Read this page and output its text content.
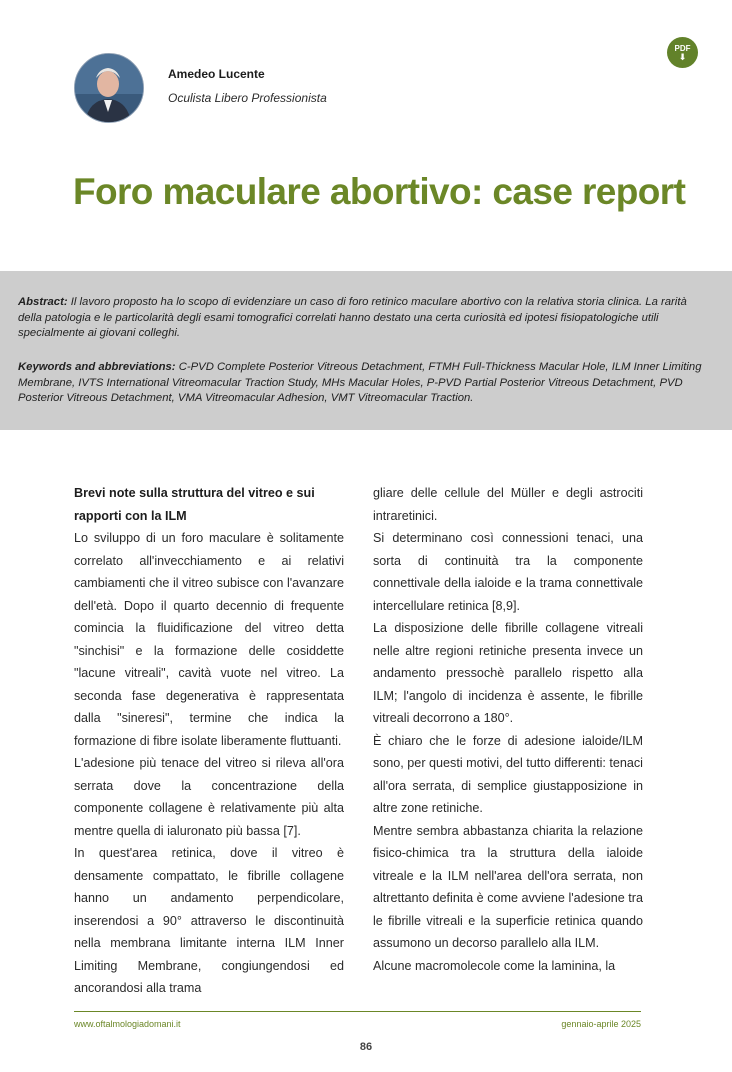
Amedeo Lucente
Oculista Libero Professionista
PDF
⬇
Foro maculare abortivo: case report

Abstract: Il lavoro proposto ha lo scopo di evidenziare un caso di foro retinico maculare abortivo con la relativa storia clinica. La rarità della patologia e le particolarità degli esami tomografici correlati hanno destato una certa curiosità ed ipotesi fisiopatologiche utili specialmente ai giovani colleghi.

Keywords and abbreviations: C-PVD Complete Posterior Vitreous Detachment, FTMH Full-Thickness Macular Hole, ILM Inner Limiting Membrane, IVTS International Vitreomacular Traction Study, MHs Macular Holes, P-PVD Partial Posterior Vitreous Detachment, PVD Posterior Vitreous Detachment, VMA Vitreomacular Adhesion, VMT Vitreomacular Traction.

Brevi note sulla struttura del vitreo e sui rapporti con la ILM

Lo sviluppo di un foro maculare è solitamente correlato all'invecchiamento e ai relativi cambiamenti che il vitreo subisce con l'avanzare dell'età. Dopo il quarto decennio di frequente comincia la fluidificazione del vitreo detta "sinchisi" e la formazione delle cosiddette "lacune vitreali", cavità vuote nel vitreo. La seconda fase degenerativa è rappresentata dalla "sineresi", termine che indica la formazione di fibre isolate liberamente fluttuanti.

L'adesione più tenace del vitreo si rileva all'ora serrata dove la concentrazione della componente collagene è relativamente più alta mentre quella di ialuronato più bassa [7].

In quest'area retinica, dove il vitreo è densamente compattato, le fibrille collagene hanno un andamento perpendicolare, inserendosi a 90° attraverso le discontinuità nella membrana limitante interna ILM Inner Limiting Membrane, congiungendosi ed ancorandosi alla trama

gliare delle cellule del Müller e degli astrociti intraretinici.

Si determinano così connessioni tenaci, una sorta di continuità tra la componente connettivale della ialoide e la trama connettivale intercellulare retinica [8,9].

La disposizione delle fibrille collagene vitreali nelle altre regioni retiniche presenta invece un andamento pressochè parallelo rispetto alla ILM; l'angolo di incidenza è assente, le fibrille vitreali decorrono a 180°.

È chiaro che le forze di adesione ialoide/ILM sono, per questi motivi, del tutto differenti: tenaci all'ora serrata, di semplice giustapposizione in altre zone retiniche.

Mentre sembra abbastanza chiarita la relazione fisico-chimica tra la struttura della ialoide vitreale e la ILM nell'area dell'ora serrata, non altrettanto definita è come avviene l'adesione tra le fibrille vitreali e la superficie retinica quando assumono un decorso parallelo alla ILM.

Alcune macromolecole come la laminina, la

www.oftalmologiadomani.it	gennaio-aprile 2025
86
